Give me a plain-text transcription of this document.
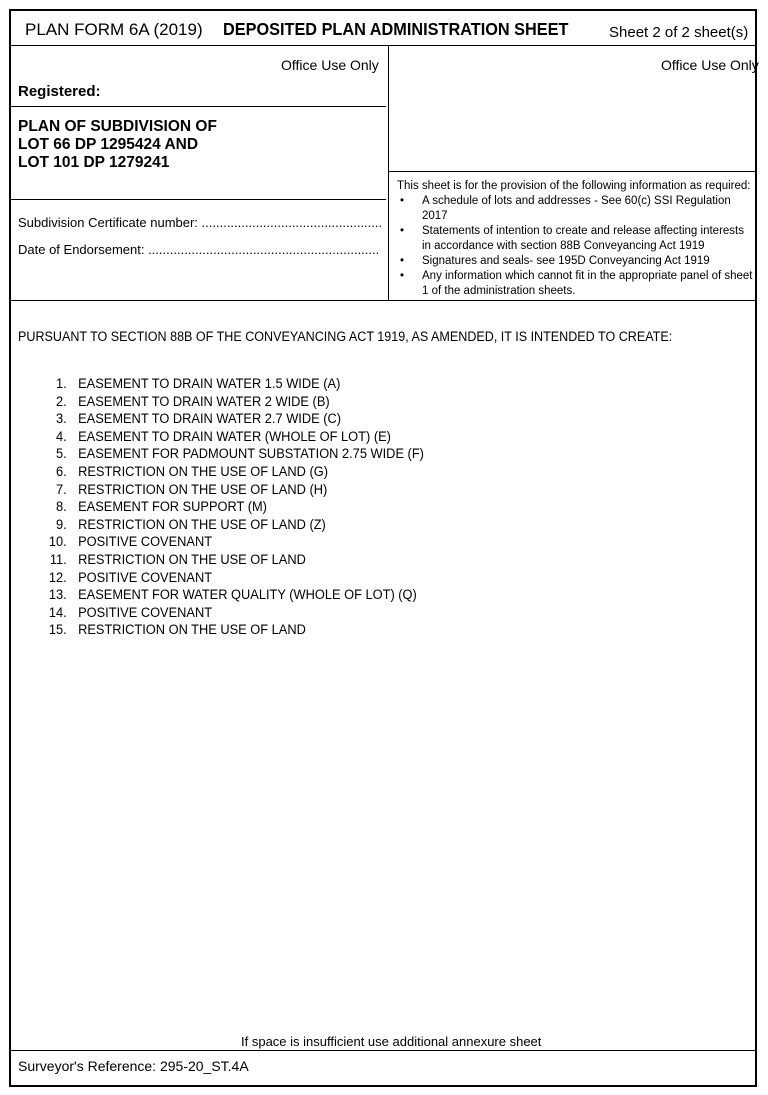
PLAN FORM 6A (2019) DEPOSITED PLAN ADMINISTRATION SHEET	Sheet 2 of 2 sheet(s)
Office Use Only
Registered:
PLAN OF SUBDIVISION OF
LOT 66 DP 1295424 AND
LOT 101 DP 1279241
Subdivision Certificate number: ..................................................
Date of Endorsement: ................................................................
Office Use Only
This sheet is for the provision of the following information as required:
• A schedule of lots and addresses - See 60(c) SSI Regulation 2017
• Statements of intention to create and release affecting interests in accordance with section 88B Conveyancing Act 1919
• Signatures and seals- see 195D Conveyancing Act 1919
• Any information which cannot fit in the appropriate panel of sheet 1 of the administration sheets.
PURSUANT TO SECTION 88B OF THE CONVEYANCING ACT 1919, AS AMENDED, IT IS INTENDED TO CREATE:
1. EASEMENT TO DRAIN WATER 1.5 WIDE (A)
2. EASEMENT TO DRAIN WATER 2 WIDE (B)
3. EASEMENT TO DRAIN WATER 2.7 WIDE (C)
4. EASEMENT TO DRAIN WATER (WHOLE OF LOT) (E)
5. EASEMENT FOR PADMOUNT SUBSTATION 2.75 WIDE (F)
6. RESTRICTION ON THE USE OF LAND (G)
7. RESTRICTION ON THE USE OF LAND (H)
8. EASEMENT FOR SUPPORT (M)
9. RESTRICTION ON THE USE OF LAND (Z)
10. POSITIVE COVENANT
11. RESTRICTION ON THE USE OF LAND
12. POSITIVE COVENANT
13. EASEMENT FOR WATER QUALITY (WHOLE OF LOT) (Q)
14. POSITIVE COVENANT
15. RESTRICTION ON THE USE OF LAND
If space is insufficient use additional annexure sheet
Surveyor's Reference: 295-20_ST.4A
